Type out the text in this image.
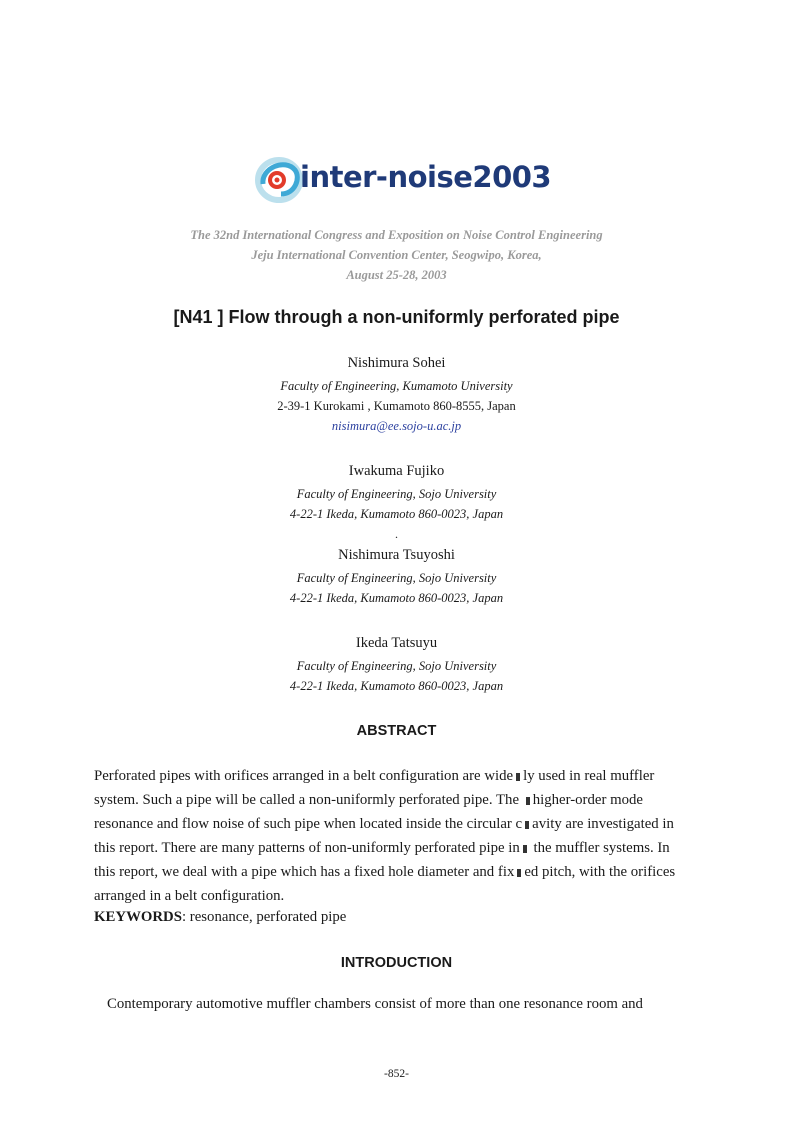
inter-noise2003
The 32nd International Congress and Exposition on Noise Control Engineering
Jeju International Convention Center, Seogwipo, Korea,
August 25-28, 2003
[N41 ] Flow through a non-uniformly perforated pipe
Nishimura Sohei
Faculty of Engineering, Kumamoto University
2-39-1 Kurokami , Kumamoto 860-8555, Japan
nisimura@ee.sojo-u.ac.jp
Iwakuma Fujiko
Faculty of Engineering, Sojo University
4-22-1 Ikeda, Kumamoto 860-0023, Japan
.
Nishimura Tsuyoshi
Faculty of Engineering, Sojo University
4-22-1 Ikeda, Kumamoto 860-0023, Japan
Ikeda Tatsuyu
Faculty of Engineering, Sojo University
4-22-1 Ikeda, Kumamoto 860-0023, Japan
ABSTRACT
Perforated pipes with orifices arranged in a belt configuration are wide ly used in real muffler
system. Such a pipe will be called a non-uniformly perforated pipe. The higher-order mode
resonance and flow noise of such pipe when located inside the circular c avity are investigated in
this report. There are many patterns of non-uniformly perforated pipe in the muffler systems. In
this report, we deal with a pipe which has a fixed hole diameter and fix ed pitch, with the orifices
arranged in a belt configuration.
KEYWORDS: resonance, perforated pipe
INTRODUCTION
Contemporary automotive muffler chambers consist of more than one resonance room and
-852-
